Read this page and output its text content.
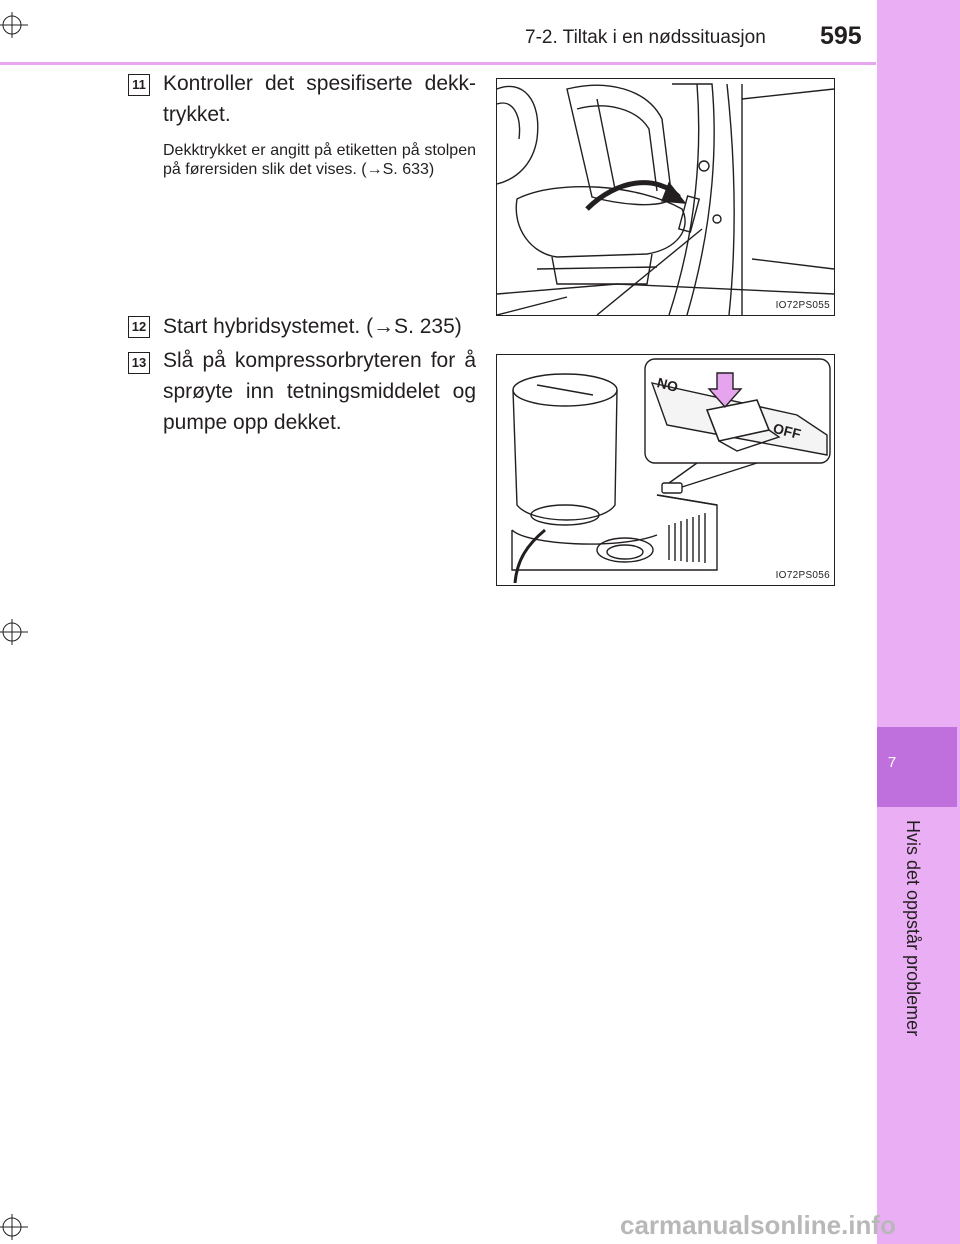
7
Hvis det oppstår problemer
7-2. Tiltak i en nødssituasjon 595
11 Kontroller det spesifiserte dekk-trykket.
Dekktrykket er angitt på etiketten på stolpen på førersiden slik det vises. (→S. 633)
IO72PS055
12 Start hybridsystemet. (→S. 235)
13 Slå på kompressorbryteren for å sprøyte inn tetningsmiddelet og pumpe opp dekket.
ON
OFF
IO72PS056
carmanualsonline.info
